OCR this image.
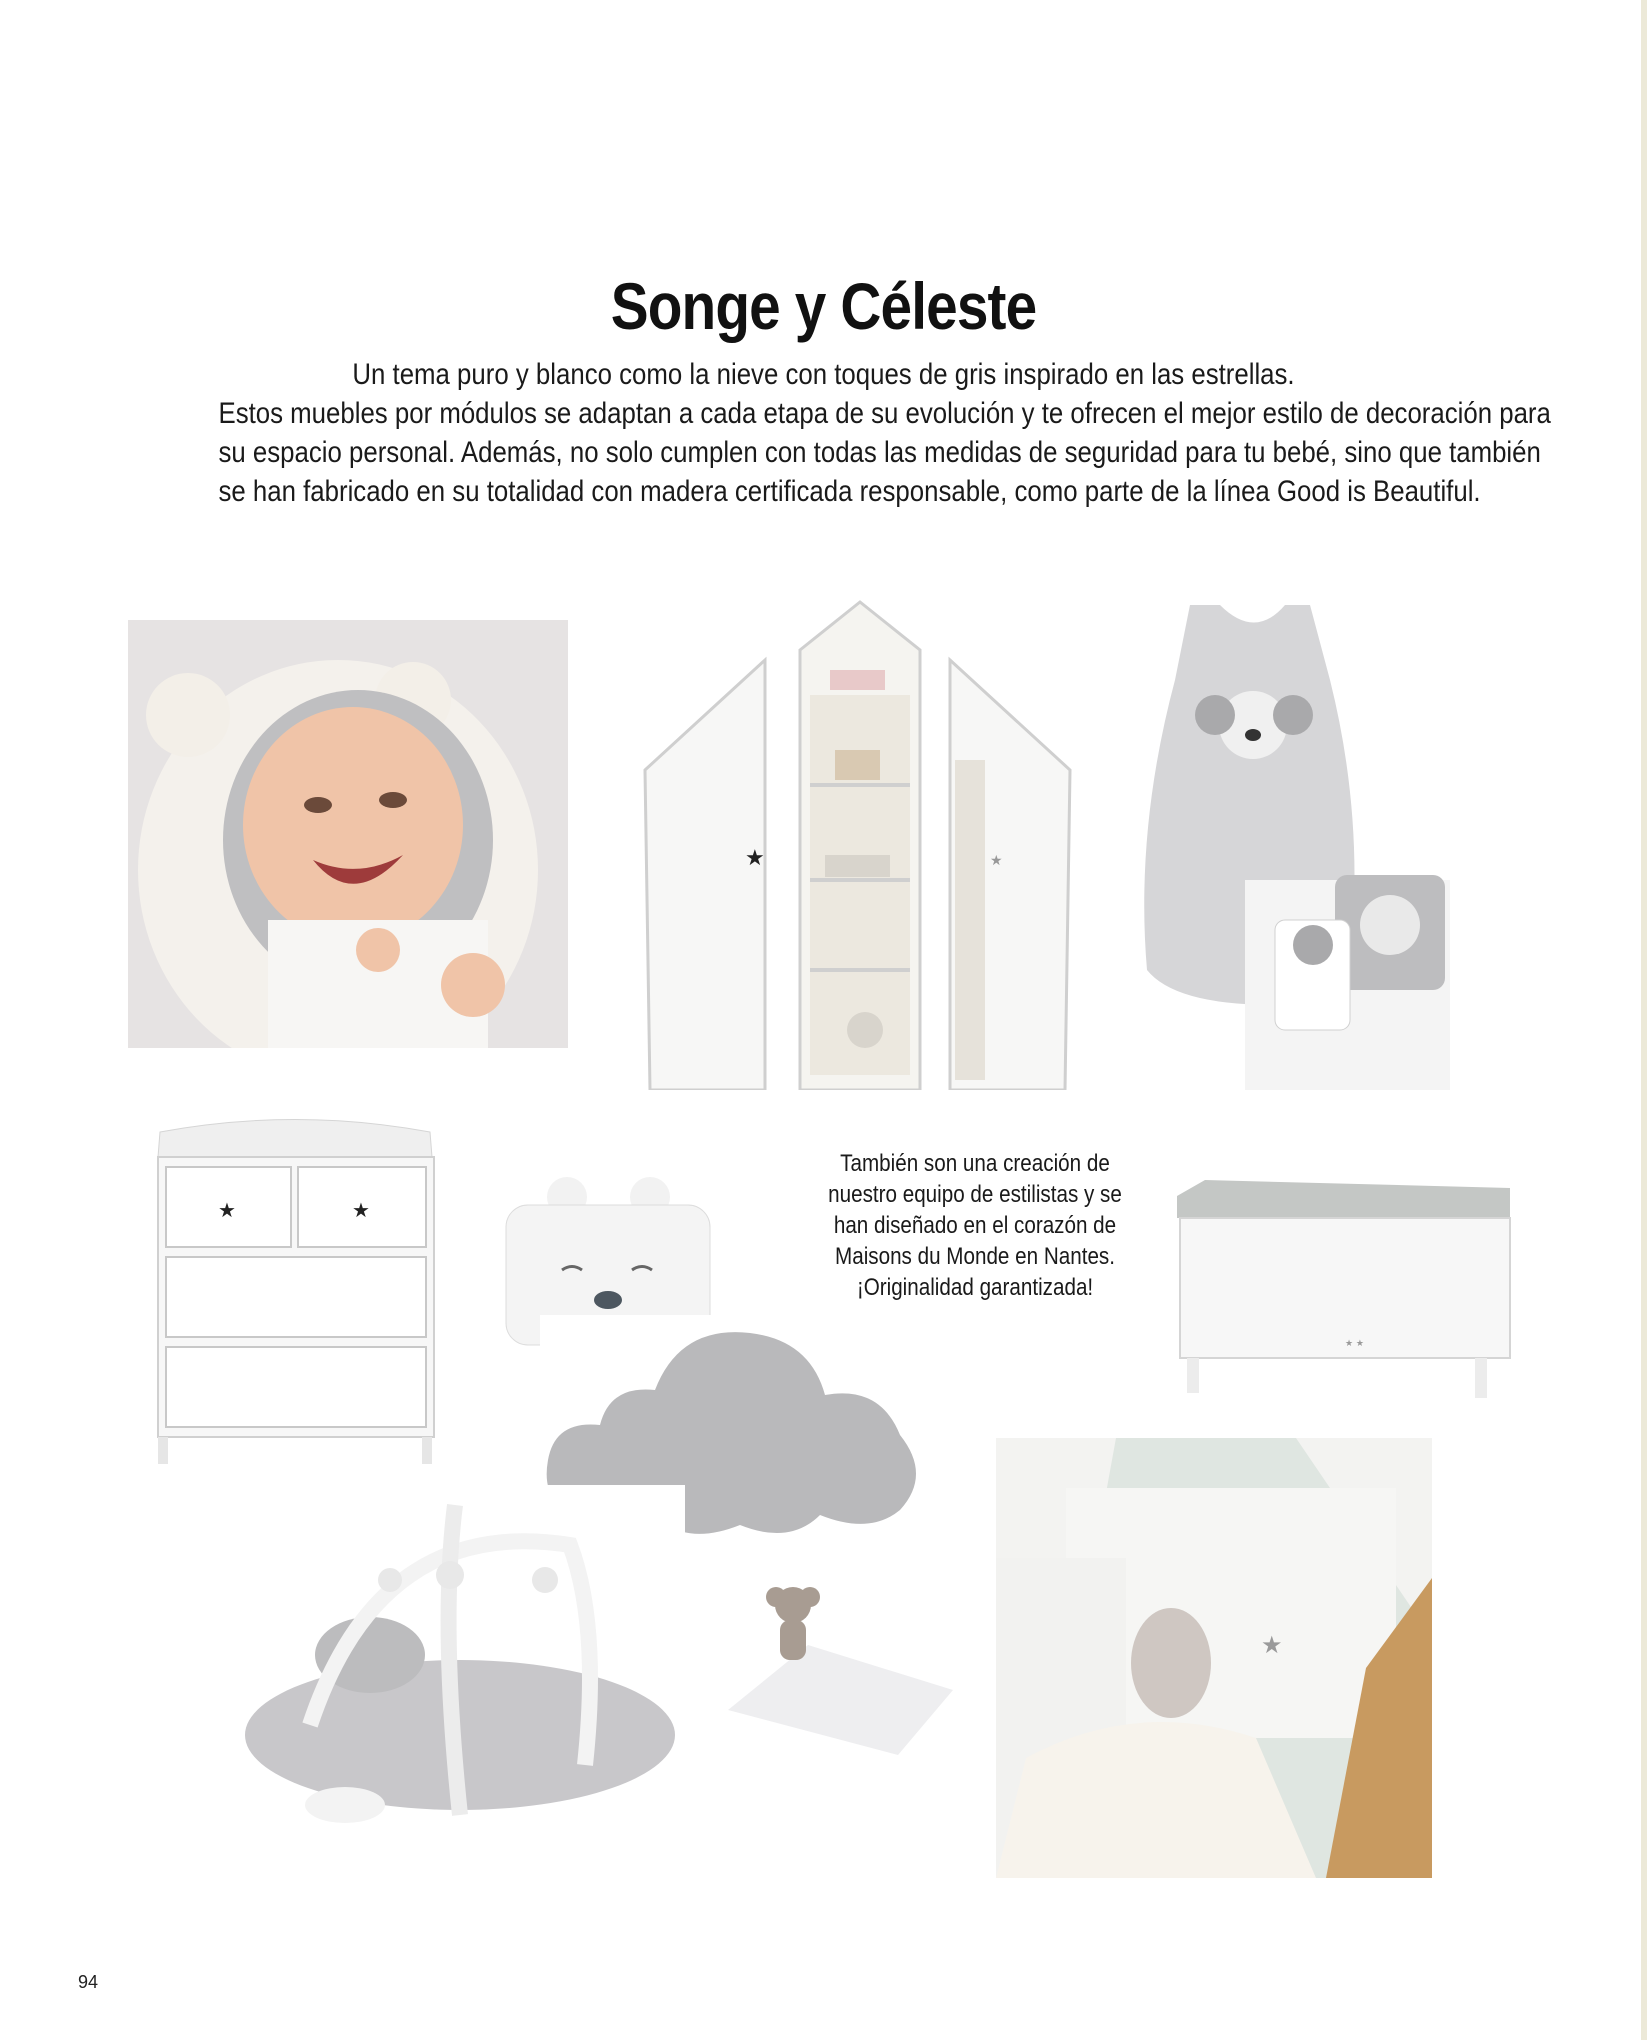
Songe y Céleste

Un tema puro y blanco como la nieve con toques de gris inspirado en las estrellas.

Estos muebles por módulos se adaptan a cada etapa de su evolución y te ofrecen el mejor estilo de decoración para

su espacio personal. Además, no solo cumplen con todas las medidas de seguridad para tu bebé, sino que también

se han fabricado en su totalidad con madera certificada responsable, como parte de la línea Good is Beautiful.

★	★
★	★
★ ★
★
También son una creación de
nuestro equipo de estilistas y se
han diseñado en el corazón de
Maisons du Monde en Nantes.
¡Originalidad garantizada!
94
